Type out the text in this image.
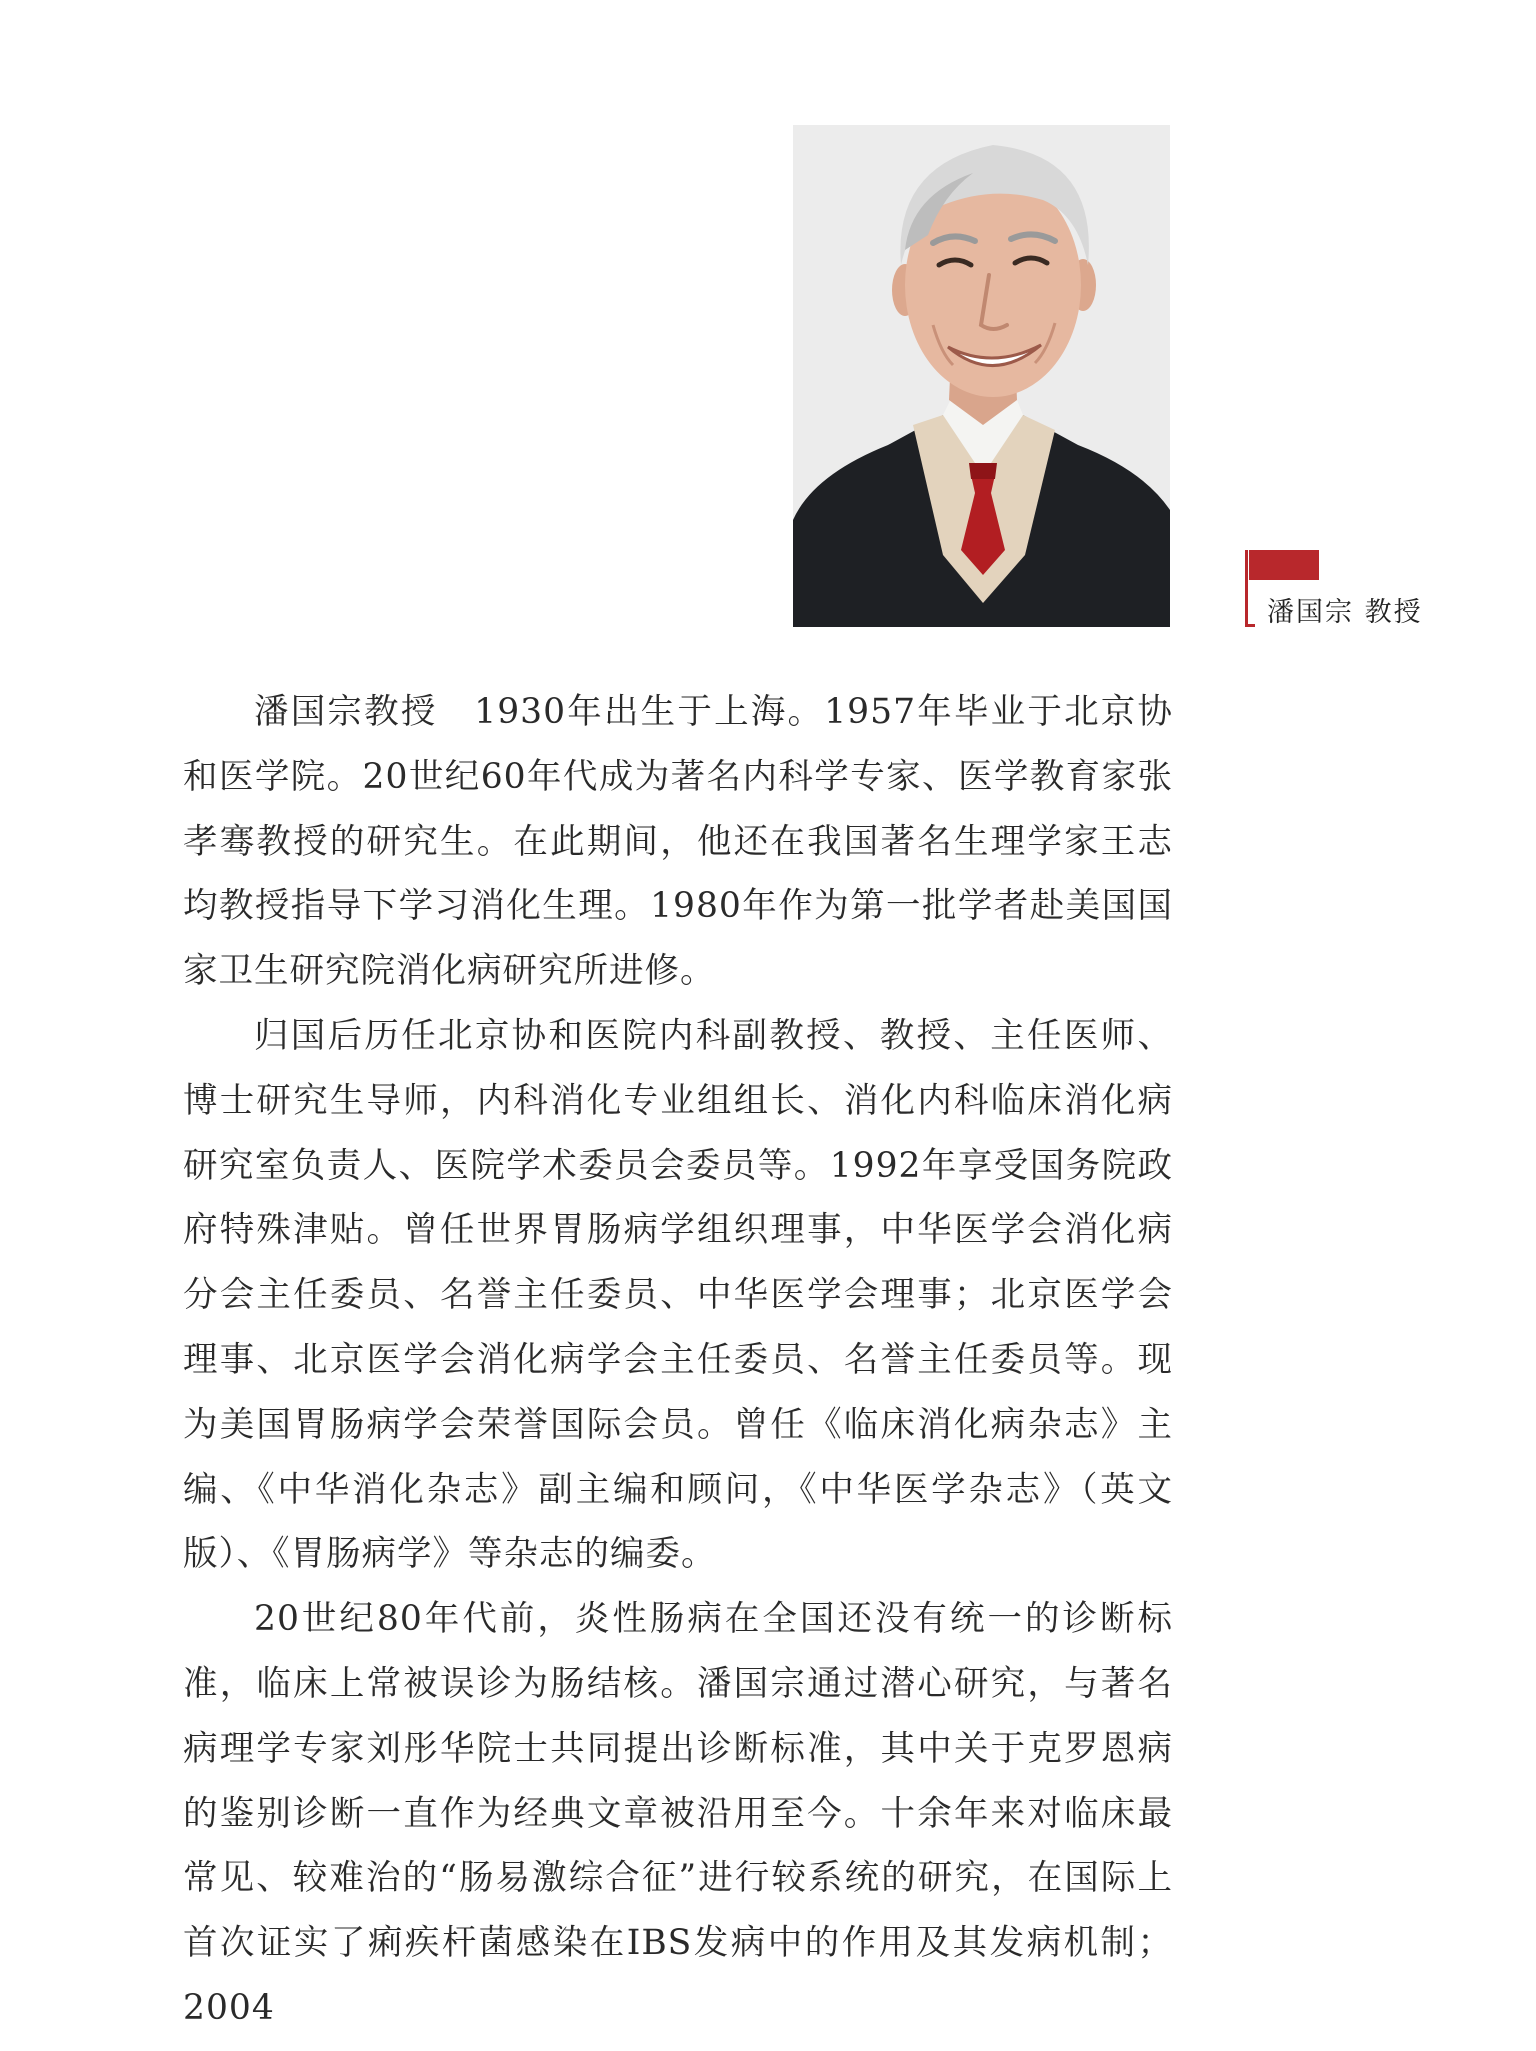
潘国宗 教授

潘国宗教授　1930年出生于上海。1957年毕业于北京协和医学院。20世纪60年代成为著名内科学专家、医学教育家张孝骞教授的研究生。在此期间，他还在我国著名生理学家王志均教授指导下学习消化生理。1980年作为第一批学者赴美国国家卫生研究院消化病研究所进修。

归国后历任北京协和医院内科副教授、教授、主任医师、博士研究生导师，内科消化专业组组长、消化内科临床消化病研究室负责人、医院学术委员会委员等。1992年享受国务院政府特殊津贴。曾任世界胃肠病学组织理事，中华医学会消化病分会主任委员、名誉主任委员、中华医学会理事；北京医学会理事、北京医学会消化病学会主任委员、名誉主任委员等。现为美国胃肠病学会荣誉国际会员。曾任《临床消化病杂志》主编、《中华消化杂志》副主编和顾问，《中华医学杂志》（英文版）、《胃肠病学》等杂志的编委。

20世纪80年代前，炎性肠病在全国还没有统一的诊断标准，临床上常被误诊为肠结核。潘国宗通过潜心研究，与著名病理学专家刘彤华院士共同提出诊断标准，其中关于克罗恩病的鉴别诊断一直作为经典文章被沿用至今。十余年来对临床最常见、较难治的“肠易激综合征”进行较系统的研究，在国际上首次证实了痢疾杆菌感染在IBS发病中的作用及其发病机制；2004
